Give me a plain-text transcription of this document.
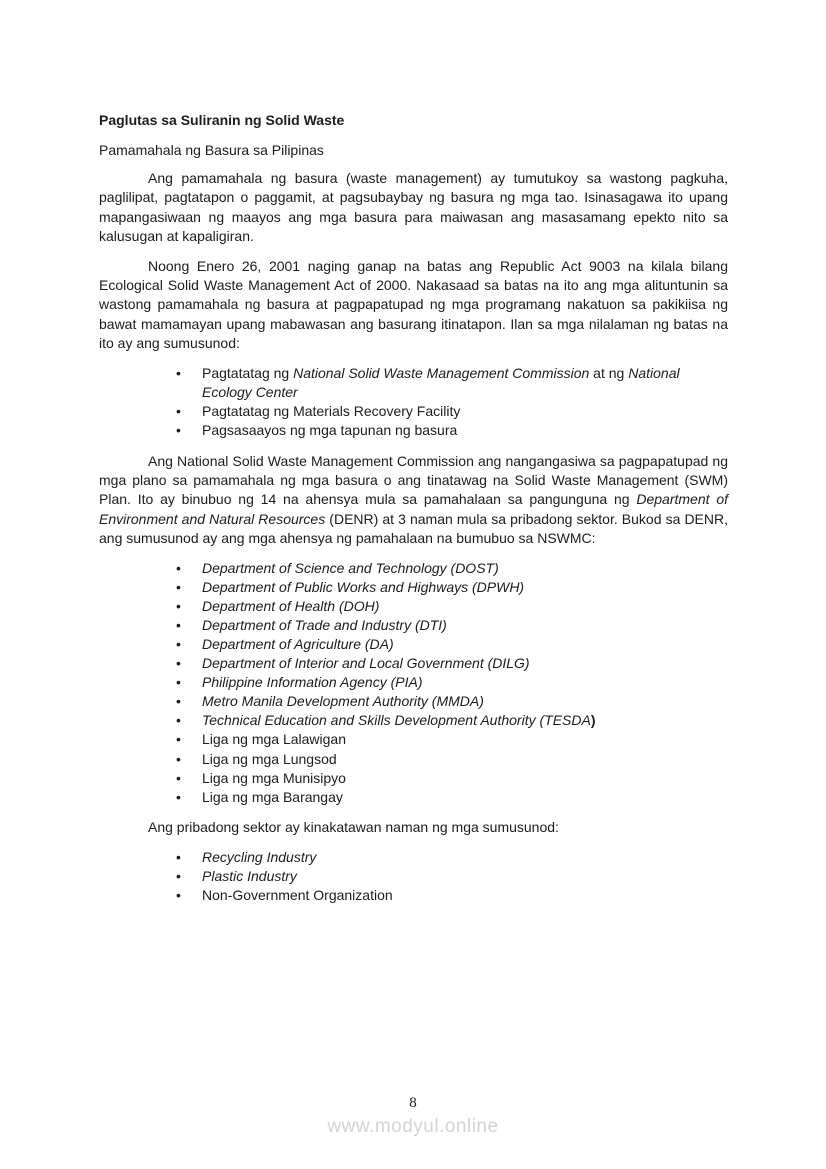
Paglutas sa Suliranin ng Solid Waste

Pamamahala ng Basura sa Pilipinas

Ang pamamahala ng basura (waste management) ay tumutukoy sa wastong pagkuha, paglilipat, pagtatapon o paggamit, at pagsubaybay ng basura ng mga tao. Isinasagawa ito upang mapangasiwaan ng maayos ang mga basura para maiwasan ang masasamang epekto nito sa kalusugan at kapaligiran.

Noong Enero 26, 2001 naging ganap na batas ang Republic Act 9003 na kilala bilang Ecological Solid Waste Management Act of 2000. Nakasaad sa batas na ito ang mga alituntunin sa wastong pamamahala ng basura at pagpapatupad ng mga programang nakatuon sa pakikiisa ng bawat mamamayan upang mabawasan ang basurang itinatapon. Ilan sa mga nilalaman ng batas na ito ay ang sumusunod:

• Pagtatatag ng National Solid Waste Management Commission at ng National Ecology Center
• Pagtatatag ng Materials Recovery Facility
• Pagsasaayos ng mga tapunan ng basura

Ang National Solid Waste Management Commission ang nangangasiwa sa pagpapatupad ng mga plano sa pamamahala ng mga basura o ang tinatawag na Solid Waste Management (SWM) Plan. Ito ay binubuo ng 14 na ahensya mula sa pamahalaan sa pangunguna ng Department of Environment and Natural Resources (DENR) at 3 naman mula sa pribadong sektor. Bukod sa DENR, ang sumusunod ay ang mga ahensya ng pamahalaan na bumubuo sa NSWMC:

• Department of Science and Technology (DOST)
• Department of Public Works and Highways (DPWH)
• Department of Health (DOH)
• Department of Trade and Industry (DTI)
• Department of Agriculture (DA)
• Department of Interior and Local Government (DILG)
• Philippine Information Agency (PIA)
• Metro Manila Development Authority (MMDA)
• Technical Education and Skills Development Authority (TESDA)
• Liga ng mga Lalawigan
• Liga ng mga Lungsod
• Liga ng mga Munisipyo
• Liga ng mga Barangay

Ang pribadong sektor ay kinakatawan naman ng mga sumusunod:

• Recycling Industry
• Plastic Industry
• Non-Government Organization
8
www.modyul.online
